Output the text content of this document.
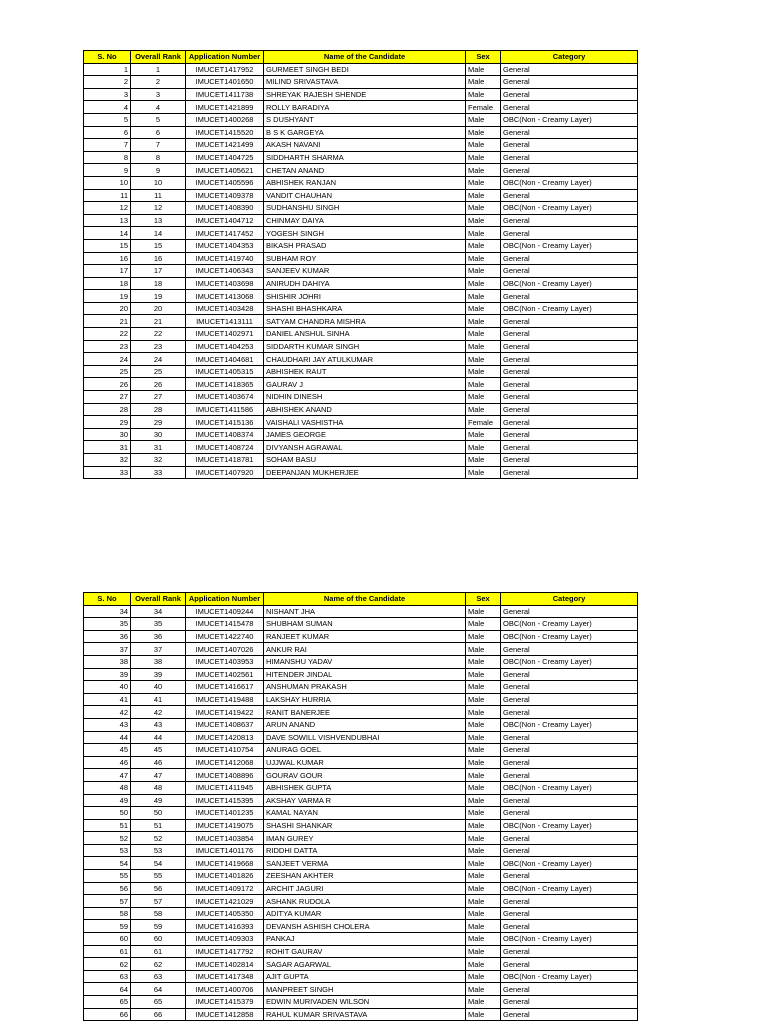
S. No	Overall Rank	Application Number	Name of the Candidate	Sex	Category
1	1	IMUCET1417952	GURMEET SINGH BEDI	Male	General
2	2	IMUCET1401650	MILIND SRIVASTAVA	Male	General
3	3	IMUCET1411738	SHREYAK RAJESH SHENDE	Male	General
4	4	IMUCET1421899	ROLLY BARADIYA	Female	General
5	5	IMUCET1400268	S DUSHYANT	Male	OBC(Non - Creamy Layer)
6	6	IMUCET1415520	B S K GARGEYA	Male	General
7	7	IMUCET1421499	AKASH NAVANI	Male	General
8	8	IMUCET1404725	SIDDHARTH SHARMA	Male	General
9	9	IMUCET1405621	CHETAN ANAND	Male	General
10	10	IMUCET1405596	ABHISHEK RANJAN	Male	OBC(Non - Creamy Layer)
11	11	IMUCET1409378	VANDIT CHAUHAN	Male	General
12	12	IMUCET1408390	SUDHANSHU SINGH	Male	OBC(Non - Creamy Layer)
13	13	IMUCET1404712	CHINMAY DAIYA	Male	General
14	14	IMUCET1417452	YOGESH SINGH	Male	General
15	15	IMUCET1404353	BIKASH PRASAD	Male	OBC(Non - Creamy Layer)
16	16	IMUCET1419740	SUBHAM ROY	Male	General
17	17	IMUCET1406343	SANJEEV KUMAR	Male	General
18	18	IMUCET1403698	ANIRUDH DAHIYA	Male	OBC(Non - Creamy Layer)
19	19	IMUCET1413068	SHISHIR JOHRI	Male	General
20	20	IMUCET1403428	SHASHI BHASHKARA	Male	OBC(Non - Creamy Layer)
21	21	IMUCET1413111	SATYAM CHANDRA MISHRA	Male	General
22	22	IMUCET1402971	DANIEL ANSHUL SINHA	Male	General
23	23	IMUCET1404253	SIDDARTH KUMAR SINGH	Male	General
24	24	IMUCET1404681	CHAUDHARI JAY ATULKUMAR	Male	General
25	25	IMUCET1405315	ABHISHEK RAUT	Male	General
26	26	IMUCET1418365	GAURAV J	Male	General
27	27	IMUCET1403674	NIDHIN DINESH	Male	General
28	28	IMUCET1411586	ABHISHEK ANAND	Male	General
29	29	IMUCET1415136	VAISHALI VASHISTHA	Female	General
30	30	IMUCET1408374	JAMES GEORGE	Male	General
31	31	IMUCET1408724	DIVYANSH AGRAWAL	Male	General
32	32	IMUCET1418781	SOHAM BASU	Male	General
33	33	IMUCET1407920	DEEPANJAN MUKHERJEE	Male	General
S. No	Overall Rank	Application Number	Name of the Candidate	Sex	Category
34	34	IMUCET1409244	NISHANT JHA	Male	General
35	35	IMUCET1415478	SHUBHAM SUMAN	Male	OBC(Non - Creamy Layer)
36	36	IMUCET1422740	RANJEET KUMAR	Male	OBC(Non - Creamy Layer)
37	37	IMUCET1407026	ANKUR RAI	Male	General
38	38	IMUCET1403953	HIMANSHU YADAV	Male	OBC(Non - Creamy Layer)
39	39	IMUCET1402561	HITENDER JINDAL	Male	General
40	40	IMUCET1416617	ANSHUMAN PRAKASH	Male	General
41	41	IMUCET1419488	LAKSHAY HURRIA	Male	General
42	42	IMUCET1419422	RANIT BANERJEE	Male	General
43	43	IMUCET1408637	ARUN ANAND	Male	OBC(Non - Creamy Layer)
44	44	IMUCET1420813	DAVE SOWILL VISHVENDUBHAI	Male	General
45	45	IMUCET1410754	ANURAG GOEL	Male	General
46	46	IMUCET1412068	UJJWAL KUMAR	Male	General
47	47	IMUCET1408896	GOURAV GOUR	Male	General
48	48	IMUCET1411945	ABHISHEK GUPTA	Male	OBC(Non - Creamy Layer)
49	49	IMUCET1415395	AKSHAY VARMA R	Male	General
50	50	IMUCET1401235	KAMAL NAYAN	Male	General
51	51	IMUCET1419075	SHASHI SHANKAR	Male	OBC(Non - Creamy Layer)
52	52	IMUCET1403854	IMAN GUREY	Male	General
53	53	IMUCET1401176	RIDDHI DATTA	Male	General
54	54	IMUCET1419668	SANJEET VERMA	Male	OBC(Non - Creamy Layer)
55	55	IMUCET1401826	ZEESHAN AKHTER	Male	General
56	56	IMUCET1409172	ARCHIT JAGURI	Male	OBC(Non - Creamy Layer)
57	57	IMUCET1421029	ASHANK RUDOLA	Male	General
58	58	IMUCET1405350	ADITYA KUMAR	Male	General
59	59	IMUCET1416393	DEVANSH ASHISH CHOLERA	Male	General
60	60	IMUCET1409303	PANKAJ	Male	OBC(Non - Creamy Layer)
61	61	IMUCET1417792	ROHIT GAURAV	Male	General
62	62	IMUCET1402814	SAGAR AGARWAL	Male	General
63	63	IMUCET1417348	AJIT GUPTA	Male	OBC(Non - Creamy Layer)
64	64	IMUCET1400706	MANPREET SINGH	Male	General
65	65	IMUCET1415379	EDWIN MURIVADEN WILSON	Male	General
66	66	IMUCET1412858	RAHUL KUMAR SRIVASTAVA	Male	General
